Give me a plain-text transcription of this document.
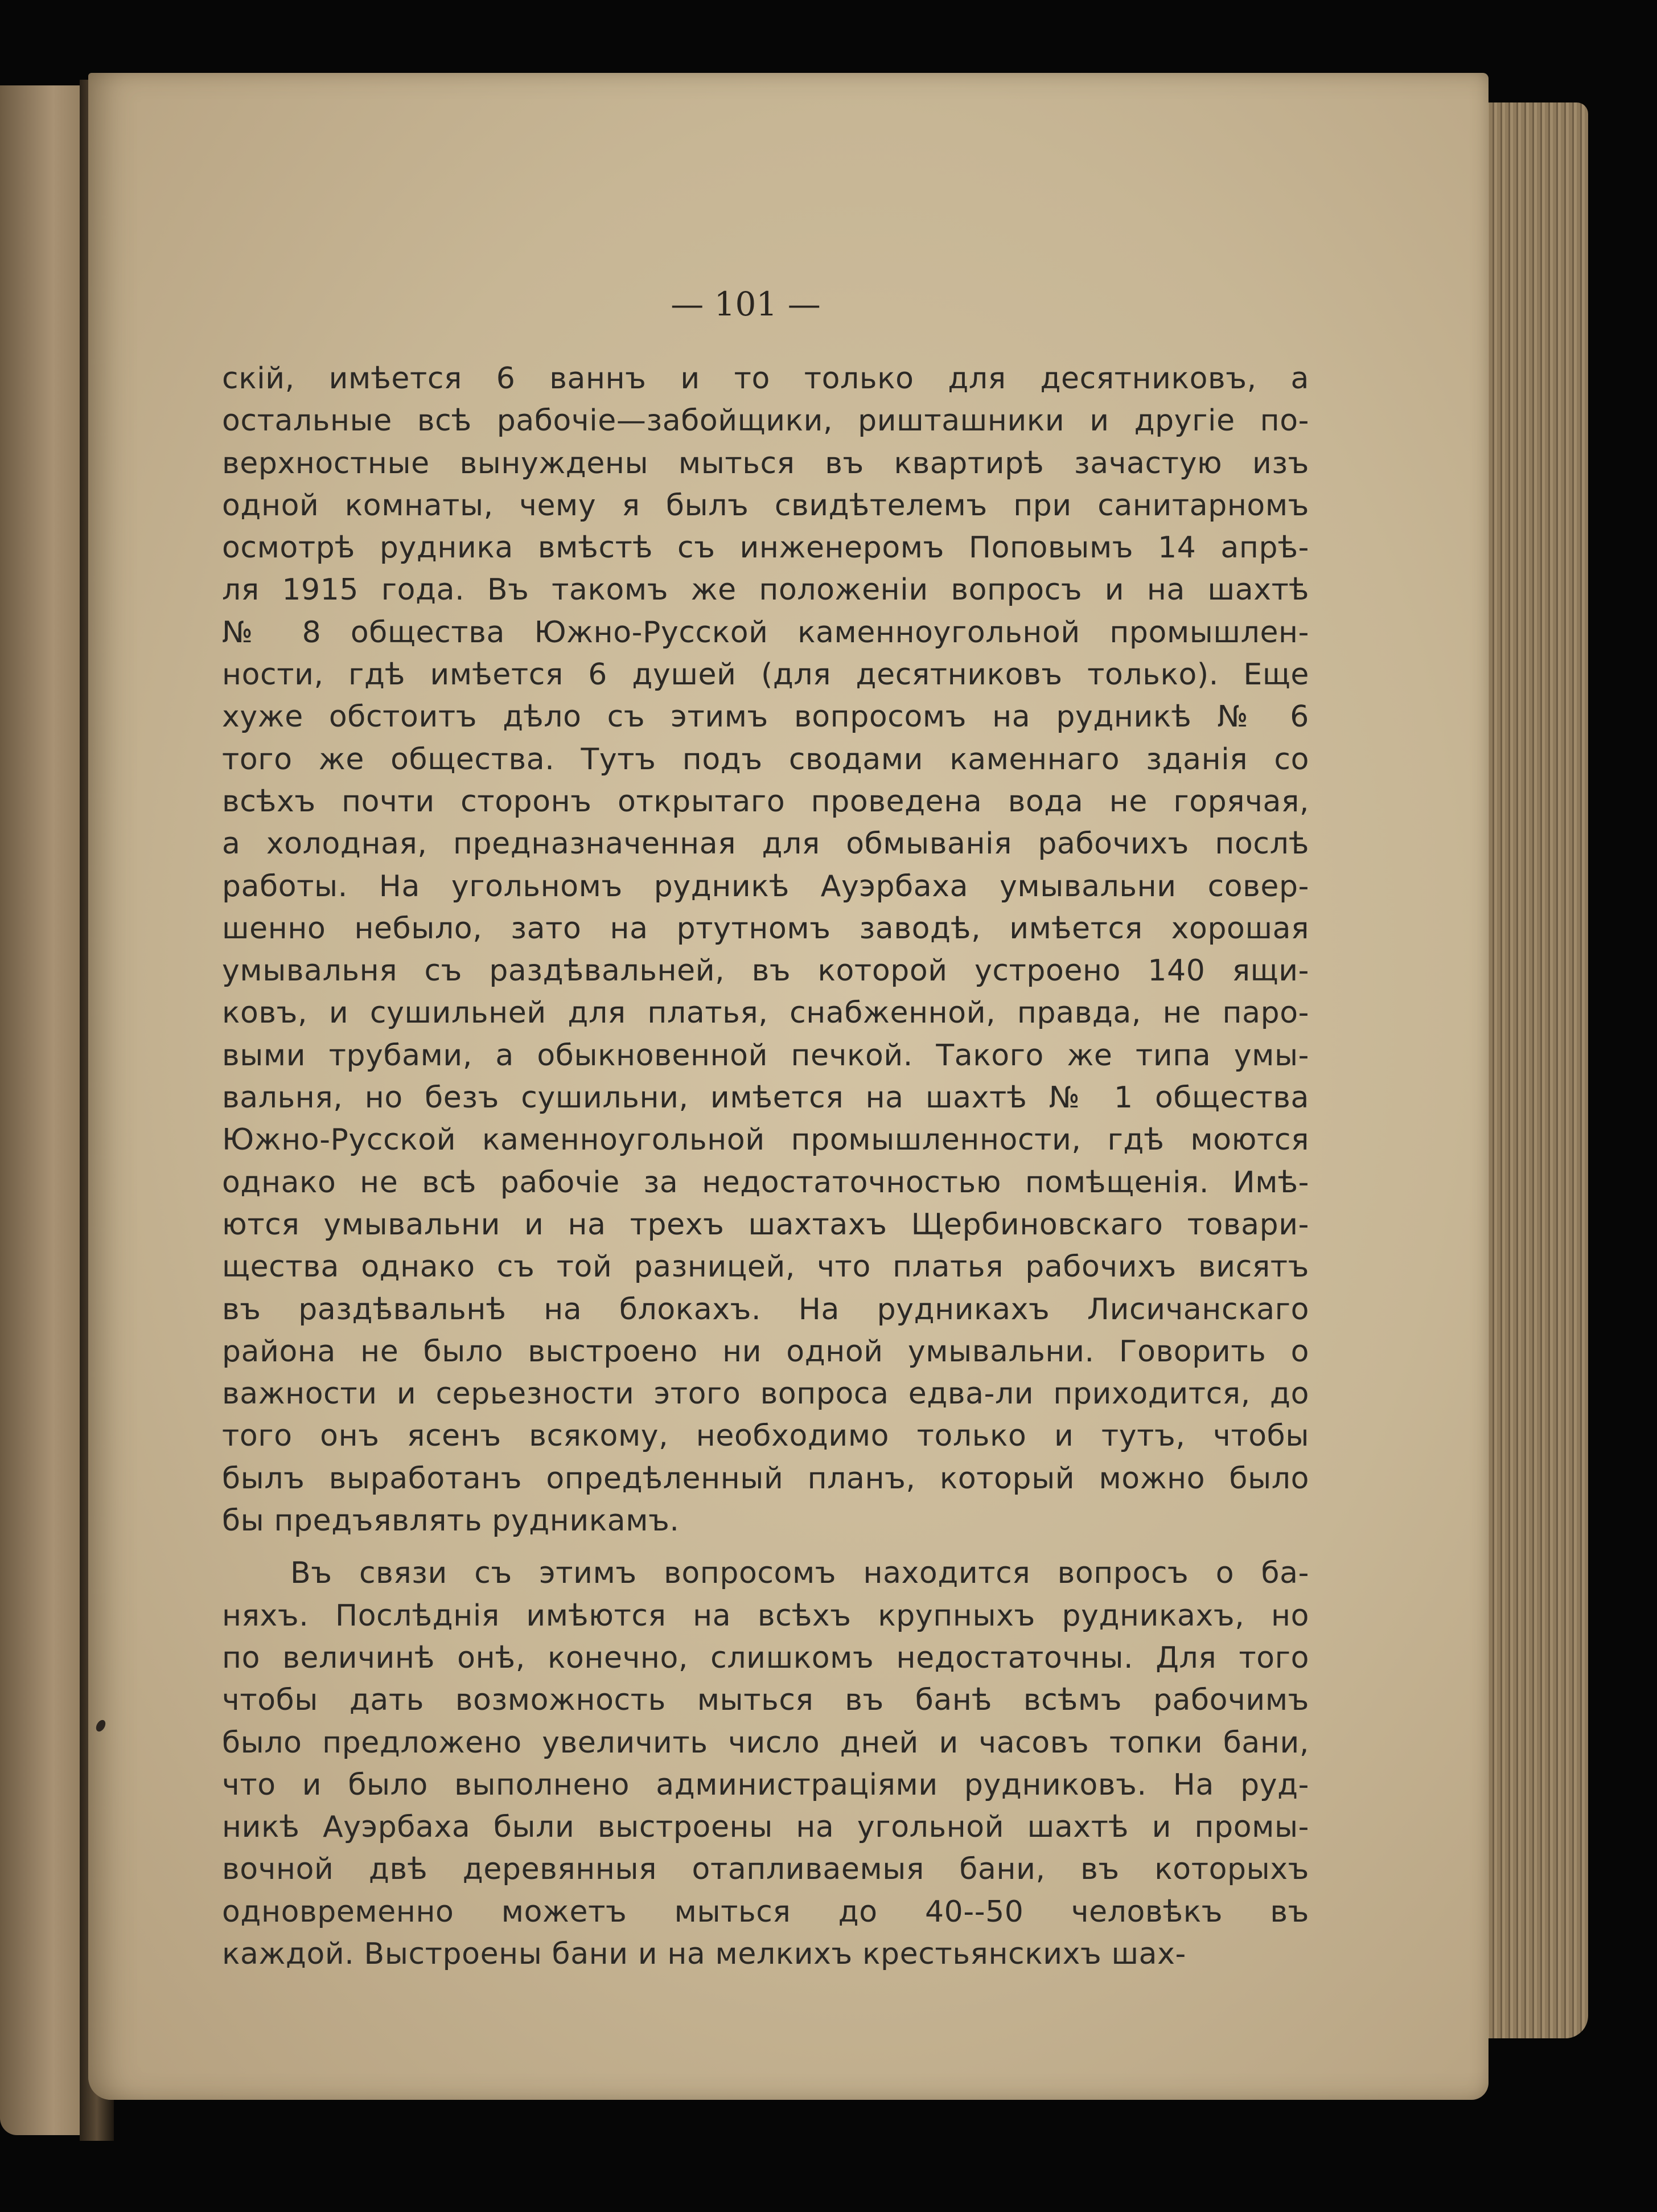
— 101 —
скій, имѣется 6 ваннъ и то только для десятниковъ, а
остальные всѣ рабочіе—забойщики, ришташники и другіе по-
верхностные вынуждены мыться въ квартирѣ зачастую изъ
одной комнаты, чему я былъ свидѣтелемъ при санитарномъ
осмотрѣ рудника вмѣстѣ съ инженеромъ Поповымъ 14 апрѣ-
ля 1915 года. Въ такомъ же положеніи вопросъ и на шахтѣ
№ 8 общества Южно-Русской каменноугольной промышлен-
ности, гдѣ имѣется 6 душей (для десятниковъ только). Еще
хуже обстоитъ дѣло съ этимъ вопросомъ на рудникѣ № 6
того же общества. Тутъ подъ сводами каменнаго зданія со
всѣхъ почти сторонъ открытаго проведена вода не горячая,
а холодная, предназначенная для обмыванія рабочихъ послѣ
работы. На угольномъ рудникѣ Ауэрбаха умывальни совер-
шенно небыло, зато на ртутномъ заводѣ, имѣется хорошая
умывальня съ раздѣвальней, въ которой устроено 140 ящи-
ковъ, и сушильней для платья, снабженной, правда, не паро-
выми трубами, а обыкновенной печкой. Такого же типа умы-
вальня, но безъ сушильни, имѣется на шахтѣ № 1 общества
Южно-Русской каменноугольной промышленности, гдѣ моются
однако не всѣ рабочіе за недостаточностью помѣщенія. Имѣ-
ются умывальни и на трехъ шахтахъ Щербиновскаго товари-
щества однако съ той разницей, что платья рабочихъ висятъ
въ раздѣвальнѣ на блокахъ. На рудникахъ Лисичанскаго
района не было выстроено ни одной умывальни. Говорить о
важности и серьезности этого вопроса едва-ли приходится, до
того онъ ясенъ всякому, необходимо только и тутъ, чтобы
былъ выработанъ опредѣленный планъ, который можно было
бы предъявлять рудникамъ.
Въ связи съ этимъ вопросомъ находится вопросъ о ба-
няхъ. Послѣднія имѣются на всѣхъ крупныхъ рудникахъ, но
по величинѣ онѣ, конечно, слишкомъ недостаточны. Для того
чтобы дать возможность мыться въ банѣ всѣмъ рабочимъ
было предложено увеличить число дней и часовъ топки бани,
что и было выполнено администраціями рудниковъ. На руд-
никѣ Ауэрбаха были выстроены на угольной шахтѣ и промы-
вочной двѣ деревянныя отапливаемыя бани, въ которыхъ
одновременно можетъ мыться до 40--50 человѣкъ въ
каждой. Выстроены бани и на мелкихъ крестьянскихъ шах-
